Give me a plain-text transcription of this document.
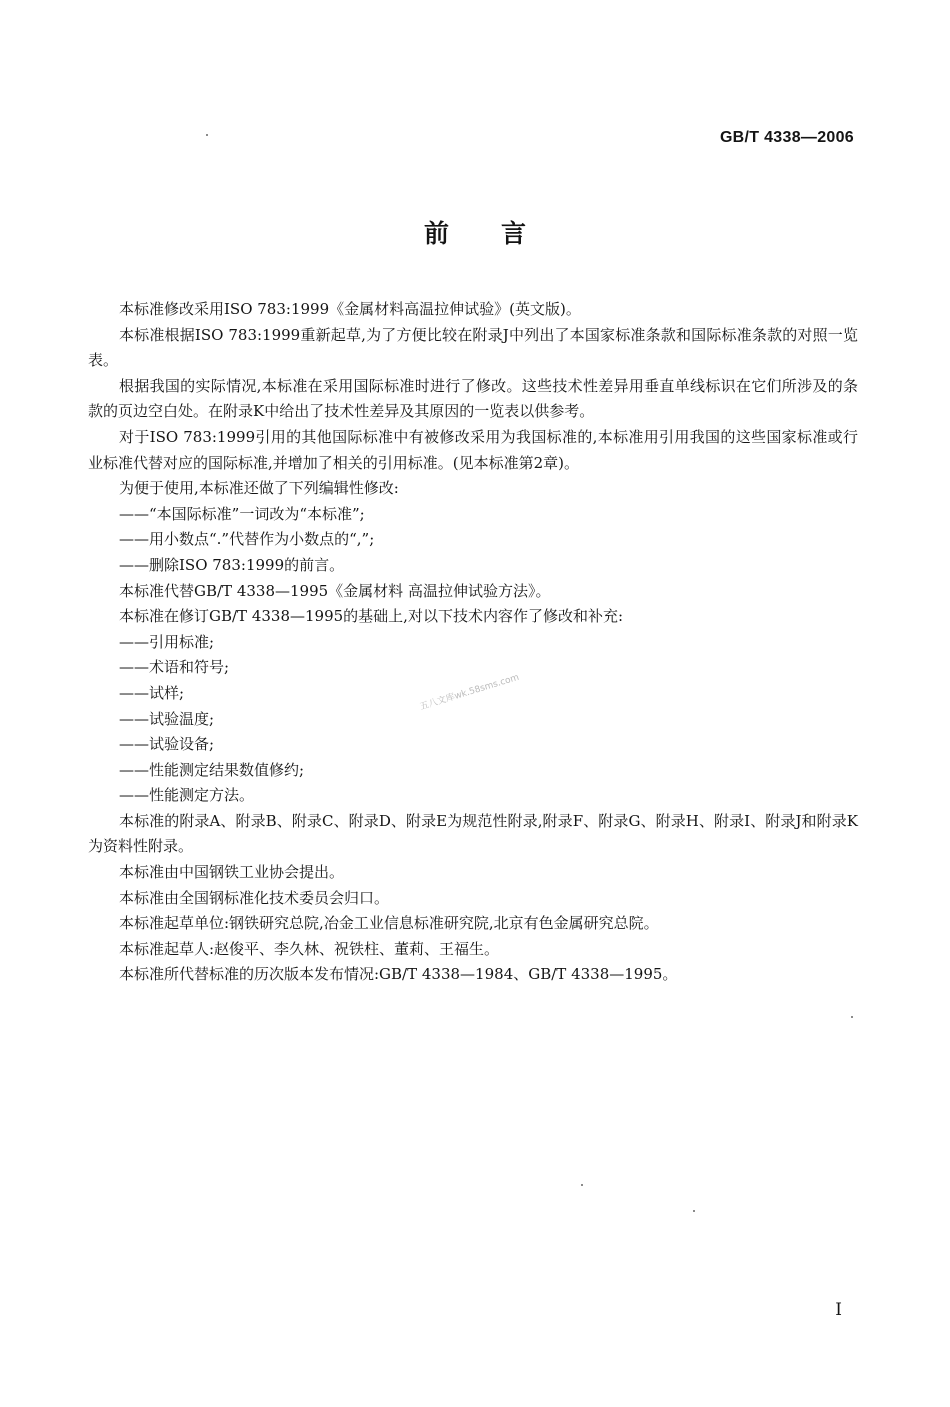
GB/T 4338—2006
前言

本标准修改采用ISO 783:1999《金属材料高温拉伸试验》(英文版)。

本标准根据ISO 783:1999重新起草,为了方便比较在附录J中列出了本国家标准条款和国际标准条款的对照一览表。

根据我国的实际情况,本标准在采用国际标准时进行了修改。这些技术性差异用垂直单线标识在它们所涉及的条款的页边空白处。在附录K中给出了技术性差异及其原因的一览表以供参考。

对于ISO 783:1999引用的其他国际标准中有被修改采用为我国标准的,本标准用引用我国的这些国家标准或行业标准代替对应的国际标准,并增加了相关的引用标准。(见本标准第2章)。

为便于使用,本标准还做了下列编辑性修改:

——“本国际标准”一词改为“本标准”;

——用小数点“.”代替作为小数点的“,”;

——删除ISO 783:1999的前言。

本标准代替GB/T 4338—1995《金属材料 高温拉伸试验方法》。

本标准在修订GB/T 4338—1995的基础上,对以下技术内容作了修改和补充:

——引用标准;

——术语和符号;

——试样;

——试验温度;

——试验设备;

——性能测定结果数值修约;

——性能测定方法。

本标准的附录A、附录B、附录C、附录D、附录E为规范性附录,附录F、附录G、附录H、附录I、附录J和附录K为资料性附录。

本标准由中国钢铁工业协会提出。

本标准由全国钢标准化技术委员会归口。

本标准起草单位:钢铁研究总院,冶金工业信息标准研究院,北京有色金属研究总院。

本标准起草人:赵俊平、李久林、祝铁柱、董莉、王福生。

本标准所代替标准的历次版本发布情况:GB/T 4338—1984、GB/T 4338—1995。

五八文库wk.58sms.com
I
